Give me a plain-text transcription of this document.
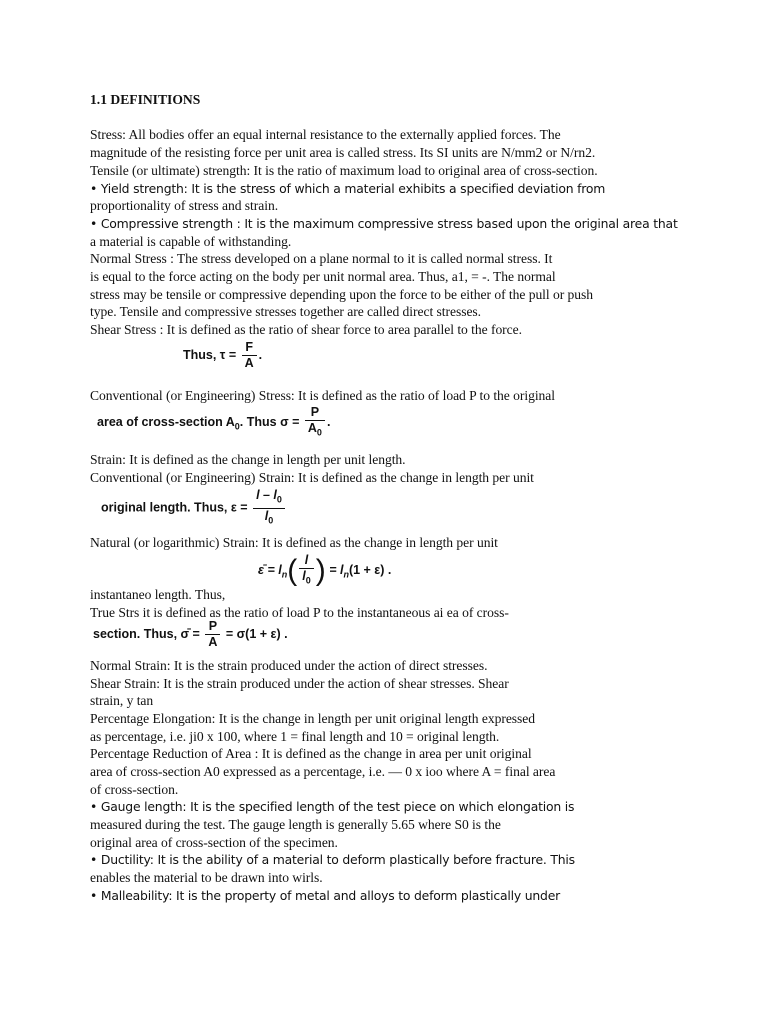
1.1 DEFINITIONS
Stress: All bodies offer an equal internal resistance to the externally applied forces. The
magnitude of the resisting force per unit area is called stress. Its SI units are N/mm2 or N/rn2.
Tensile (or ultimate) strength: It is the ratio of maximum load to original area of cross-section.
• Yield strength: It is the stress of which a material exhibits a specified deviation from
proportionality of stress and strain.
• Compressive strength : It is the maximum compressive stress based upon the original area that
a material is capable of withstanding.
Normal Stress : The stress developed on a plane normal to it is called normal stress. It
is equal to the force acting on the body per unit normal area. Thus, a1, = -. The normal
stress may be tensile or compressive depending upon the force to be either of the pull or push
type. Tensile and compressive stresses together are called direct stresses.
Shear Stress : It is defined as the ratio of shear force to area parallel to the force.
Thus, $\tau = \frac{F}{A}$ .
Conventional (or Engineering) Stress: It is defined as the ratio of load P to the original
area of cross-section $A_0$. Thus $\sigma = \frac{P}{A_0}$ .
Strain: It is defined as the change in length per unit length.
Conventional (or Engineering) Strain: It is defined as the change in length per unit
original length. Thus, $\varepsilon = \frac{l - l_0}{l_0}$
Natural (or logarithmic) Strain: It is defined as the change in length per unit
ε̄ = $l_n( \frac{l}{l_0}$ ) = $l_n(1 + \varepsilon)$ .
instantaneo length. Thus,
True Strs it is defined as the ratio of load P to the instantaneous ai ea of cross-
section. Thus, σ̄ = $\frac{P}{A} = \sigma(1 + \varepsilon)$ .
Normal Strain: It is the strain produced under the action of direct stresses.
Shear Strain: It is the strain produced under the action of shear stresses. Shear
strain, y tan
Percentage Elongation: It is the change in length per unit original length expressed
as percentage, i.e. ji0 x 100, where 1 = final length and 10 = original length.
Percentage Reduction of Area : It is defined as the change in area per unit original
area of cross-section A0 expressed as a percentage, i.e. — 0 x ioo where A = final area
of cross-section.
• Gauge length: It is the specified length of the test piece on which elongation is
measured during the test. The gauge length is generally 5.65 where S0 is the
original area of cross-section of the specimen.
• Ductility: It is the ability of a material to deform plastically before fracture. This
enables the material to be drawn into wirls.
• Malleability: It is the property of metal and alloys to deform plastically under
